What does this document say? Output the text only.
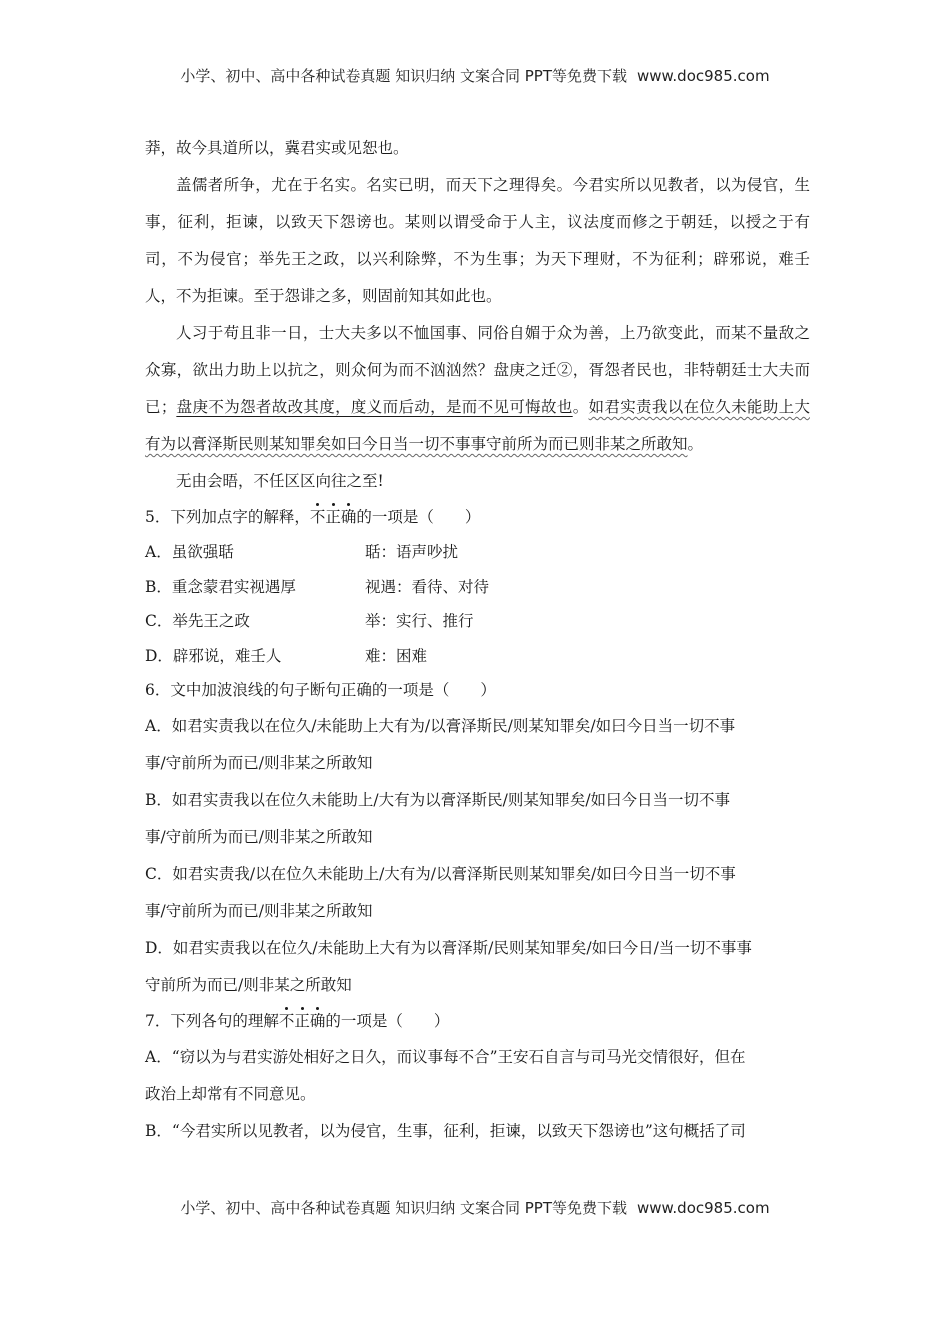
小学、初中、高中各种试卷真题 知识归纳 文案合同 PPT等免费下载 www.doc985.com

莽，故今具道所以，冀君实或见恕也。

盖儒者所争，尤在于名实。名实已明，而天下之理得矣。今君实所以见教者，以为侵官，生事，征利，拒谏，以致天下怨谤也。某则以谓受命于人主，议法度而修之于朝廷，以授之于有司，不为侵官；举先王之政，以兴利除弊，不为生事；为天下理财，不为征利；辟邪说，难壬人，不为拒谏。至于怨诽之多，则固前知其如此也。

人习于苟且非一日，士大夫多以不恤国事、同俗自媚于众为善，上乃欲变此，而某不量敌之众寡，欲出力助上以抗之，则众何为而不汹汹然？盘庚之迁②，胥怨者民也，非特朝廷士大夫而已；盘庚不为怨者故改其度，度义而后动，是而不见可悔故也。如君实责我以在位久未能助上大有为以膏泽斯民则某知罪矣如曰今日当一切不事事守前所为而已则非某之所敢知。

无由会晤，不任区区向往之至!

5．下列加点字的解释，不正确的一项是（　　）

A．虽欲强聒	聒：语声吵扰
B．重念蒙君实视遇厚	视遇：看待、对待
C．举先王之政	举：实行、推行
D．辟邪说，难壬人	难：困难

6．文中加波浪线的句子断句正确的一项是（　　）

A．如君实责我以在位久/未能助上大有为/以膏泽斯民/则某知罪矣/如曰今日当一切不事

事/守前所为而已/则非某之所敢知

B．如君实责我以在位久未能助上/大有为以膏泽斯民/则某知罪矣/如曰今日当一切不事

事/守前所为而已/则非某之所敢知

C．如君实责我/以在位久未能助上/大有为/以膏泽斯民则某知罪矣/如曰今日当一切不事

事/守前所为而已/则非某之所敢知

D．如君实责我以在位久/未能助上大有为以膏泽斯/民则某知罪矣/如曰今日/当一切不事事

守前所为而已/则非某之所敢知

7．下列各句的理解不正确的一项是（　　）

A．“窃以为与君实游处相好之日久，而议事每不合”王安石自言与司马光交情很好，但在

政治上却常有不同意见。

B．“今君实所以见教者，以为侵官，生事，征利，拒谏，以致天下怨谤也”这句概括了司

小学、初中、高中各种试卷真题 知识归纳 文案合同 PPT等免费下载 www.doc985.com
